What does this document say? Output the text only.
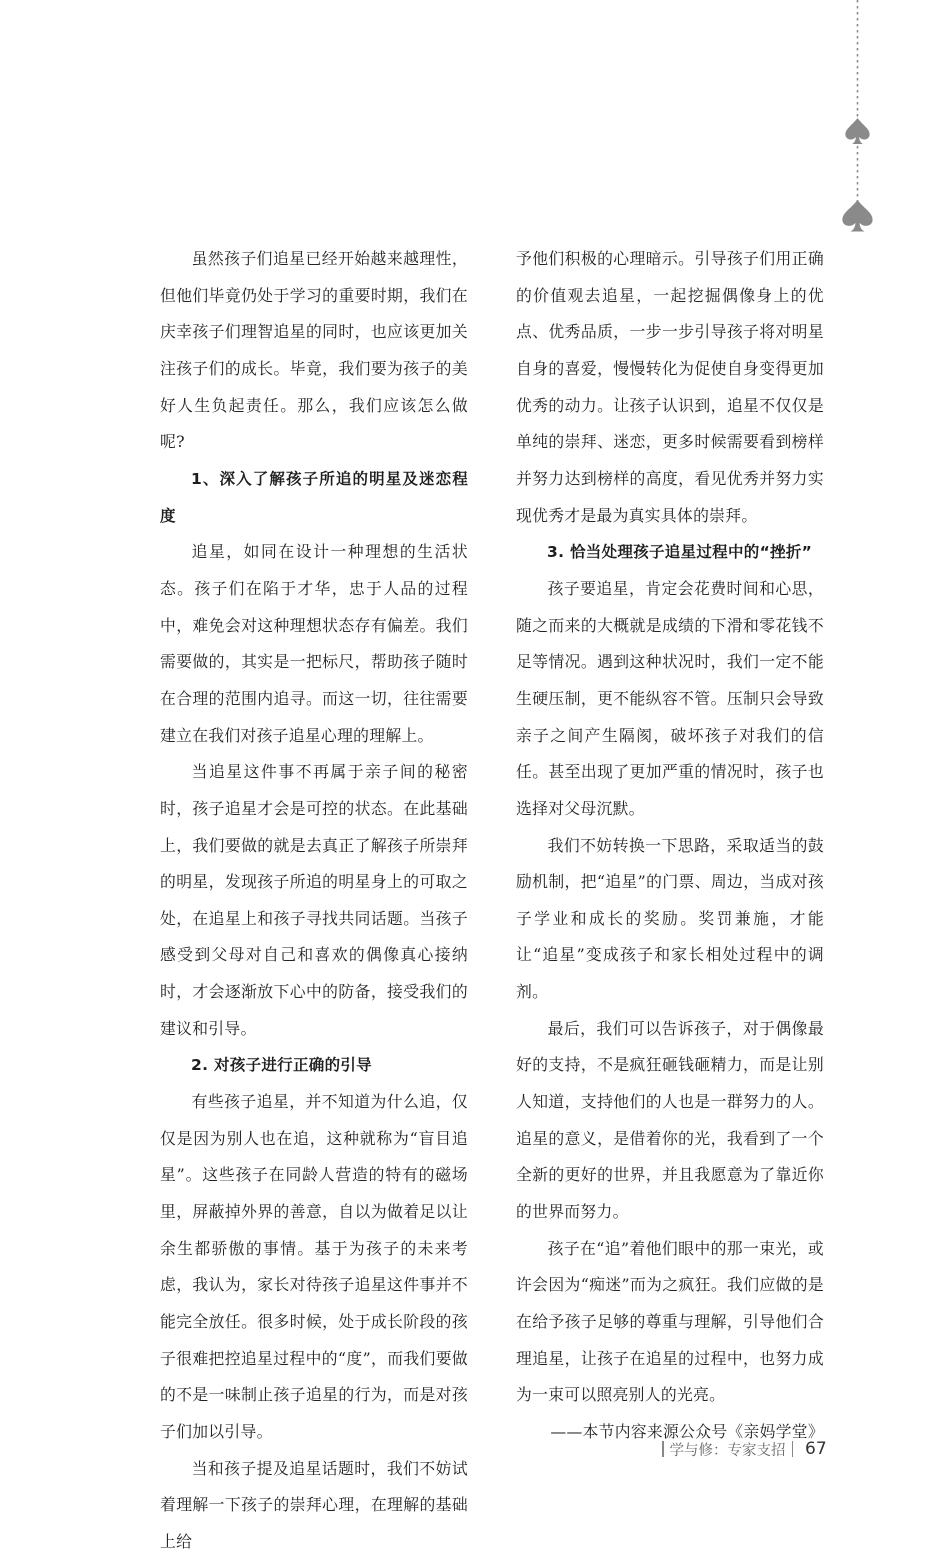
虽然孩子们追星已经开始越来越理性，但他们毕竟仍处于学习的重要时期，我们在庆幸孩子们理智追星的同时，也应该更加关注孩子们的成长。毕竟，我们要为孩子的美好人生负起责任。那么，我们应该怎么做呢?

1、深入了解孩子所追的明星及迷恋程度

追星，如同在设计一种理想的生活状态。孩子们在陷于才华，忠于人品的过程中，难免会对这种理想状态存有偏差。我们需要做的，其实是一把标尺，帮助孩子随时在合理的范围内追寻。而这一切，往往需要建立在我们对孩子追星心理的理解上。

当追星这件事不再属于亲子间的秘密时，孩子追星才会是可控的状态。在此基础上，我们要做的就是去真正了解孩子所崇拜的明星，发现孩子所追的明星身上的可取之处，在追星上和孩子寻找共同话题。当孩子感受到父母对自己和喜欢的偶像真心接纳时，才会逐渐放下心中的防备，接受我们的建议和引导。

2. 对孩子进行正确的引导

有些孩子追星，并不知道为什么追，仅仅是因为别人也在追，这种就称为“盲目追星”。这些孩子在同龄人营造的特有的磁场里，屏蔽掉外界的善意，自以为做着足以让余生都骄傲的事情。基于为孩子的未来考虑，我认为，家长对待孩子追星这件事并不能完全放任。很多时候，处于成长阶段的孩子很难把控追星过程中的“度”，而我们要做的不是一味制止孩子追星的行为，而是对孩子们加以引导。

当和孩子提及追星话题时，我们不妨试着理解一下孩子的崇拜心理，在理解的基础上给

予他们积极的心理暗示。引导孩子们用正确的价值观去追星，一起挖掘偶像身上的优点、优秀品质，一步一步引导孩子将对明星自身的喜爱，慢慢转化为促使自身变得更加优秀的动力。让孩子认识到，追星不仅仅是单纯的崇拜、迷恋，更多时候需要看到榜样并努力达到榜样的高度，看见优秀并努力实现优秀才是最为真实具体的崇拜。

3. 恰当处理孩子追星过程中的“挫折”

孩子要追星，肯定会花费时间和心思，随之而来的大概就是成绩的下滑和零花钱不足等情况。遇到这种状况时，我们一定不能生硬压制，更不能纵容不管。压制只会导致亲子之间产生隔阂，破坏孩子对我们的信任。甚至出现了更加严重的情况时，孩子也选择对父母沉默。

我们不妨转换一下思路，采取适当的鼓励机制，把“追星”的门票、周边，当成对孩子学业和成长的奖励。奖罚兼施，才能让“追星”变成孩子和家长相处过程中的调剂。

最后，我们可以告诉孩子，对于偶像最好的支持，不是疯狂砸钱砸精力，而是让别人知道，支持他们的人也是一群努力的人。追星的意义，是借着你的光，我看到了一个全新的更好的世界，并且我愿意为了靠近你的世界而努力。

孩子在“追”着他们眼中的那一束光，或许会因为“痴迷”而为之疯狂。我们应做的是在给予孩子足够的尊重与理解，引导他们合理追星，让孩子在追星的过程中，也努力成为一束可以照亮别人的光亮。

——本节内容来源公众号《亲妈学堂》

学与修：专家支招 67
